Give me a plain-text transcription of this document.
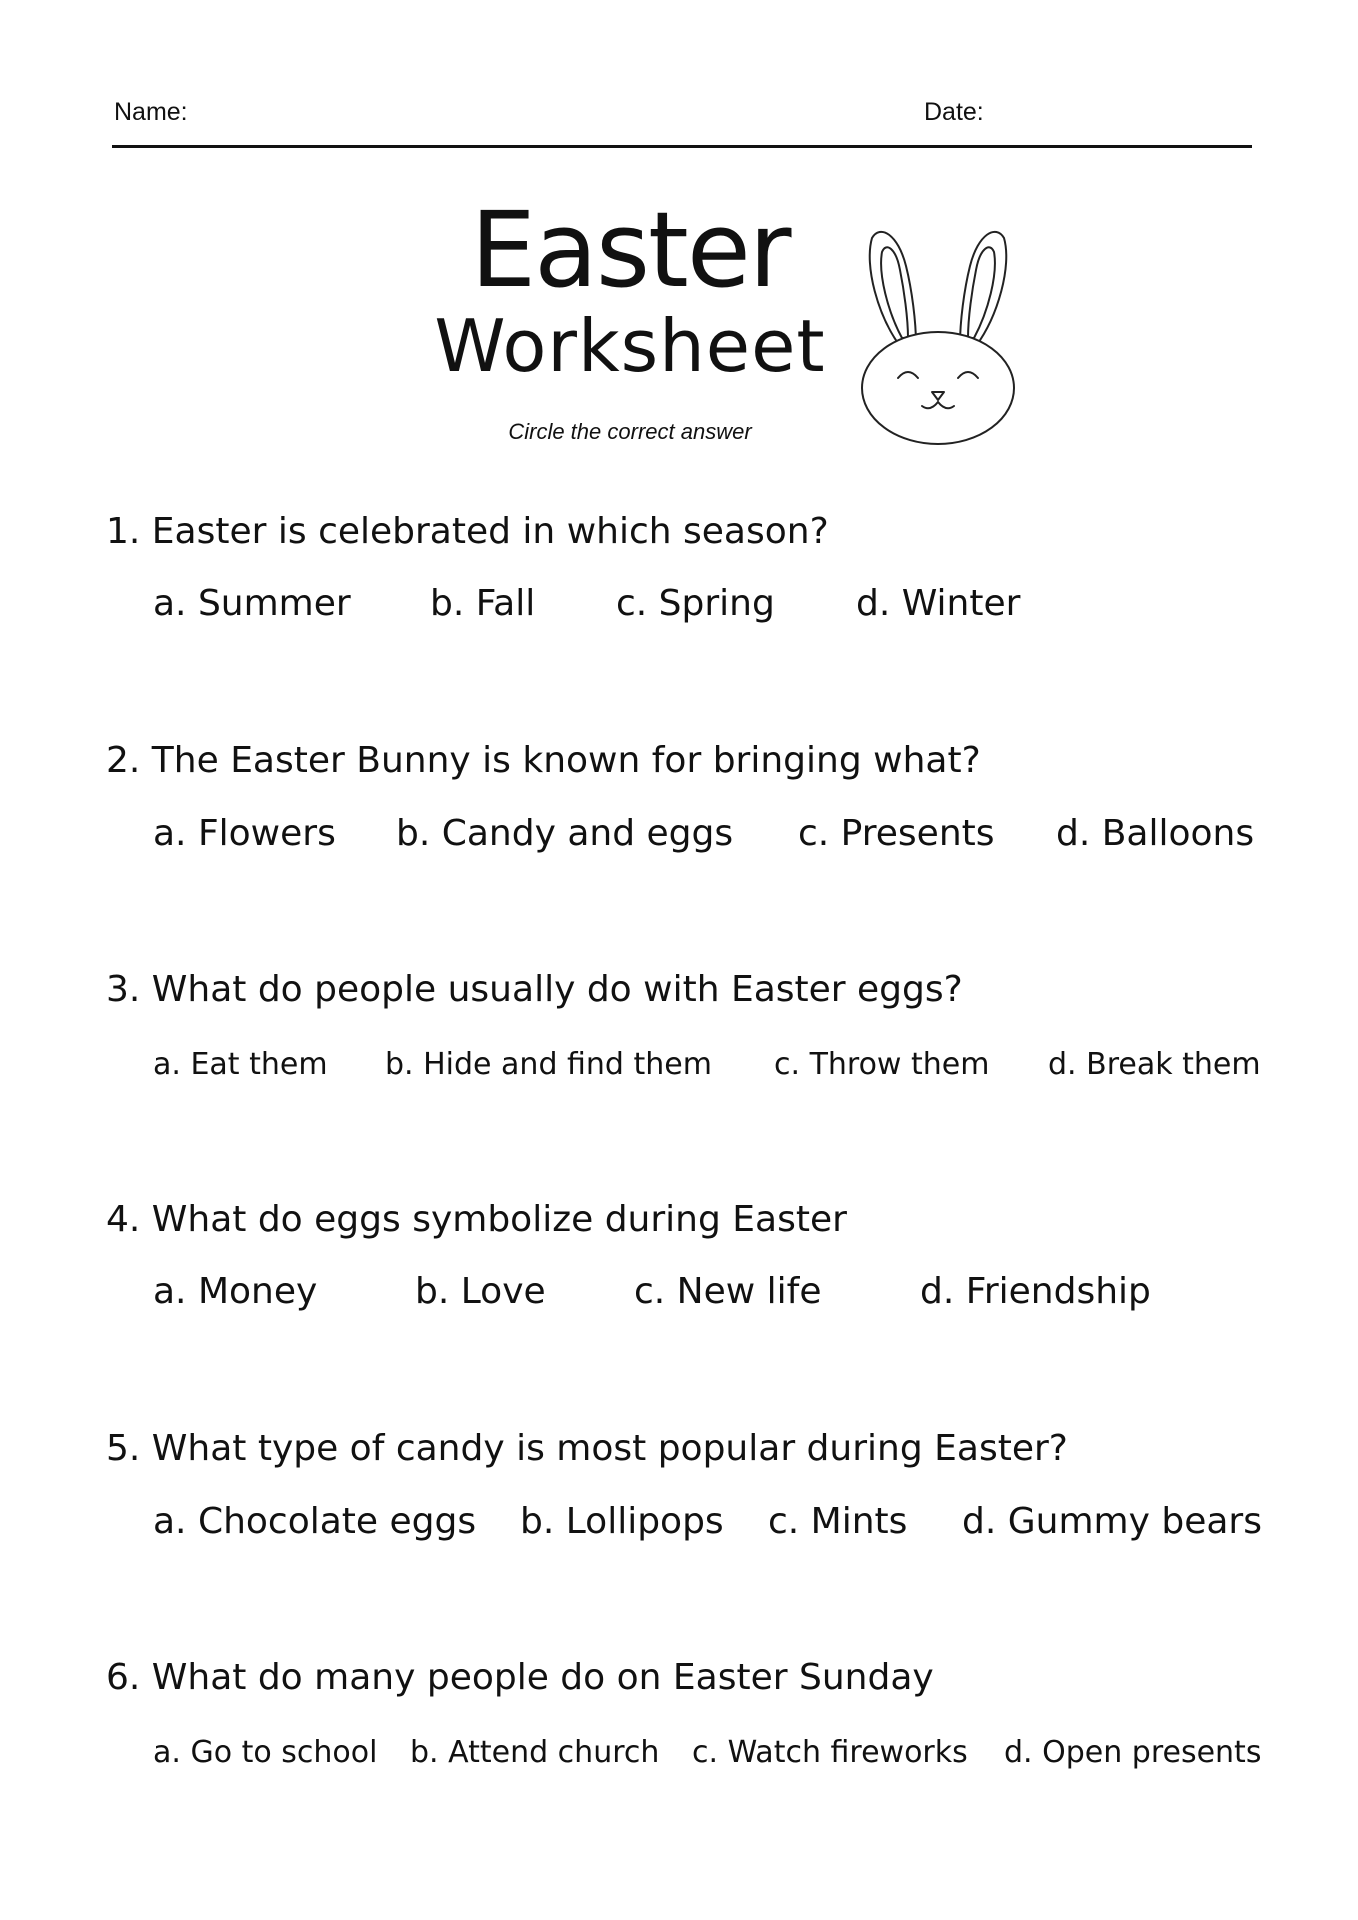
Name:	Date:
Easter
Worksheet
Circle the correct answer
1. Easter is celebrated in which season?
a. Summer b. Fall c. Spring d. Winter
2. The Easter Bunny is known for bringing what?
a. Flowers b. Candy and eggs c. Presents d. Balloons
3. What do people usually do with Easter eggs?
a. Eat them b. Hide and find them c. Throw them d. Break them
4. What do eggs symbolize during Easter
a. Money	b. Love c. New life	d. Friendship
5. What type of candy is most popular during Easter?
a. Chocolate eggs b. Lollipops c. Mints d. Gummy bears
6. What do many people do on Easter Sunday
a. Go to school b. Attend church c. Watch fireworks d. Open presents
